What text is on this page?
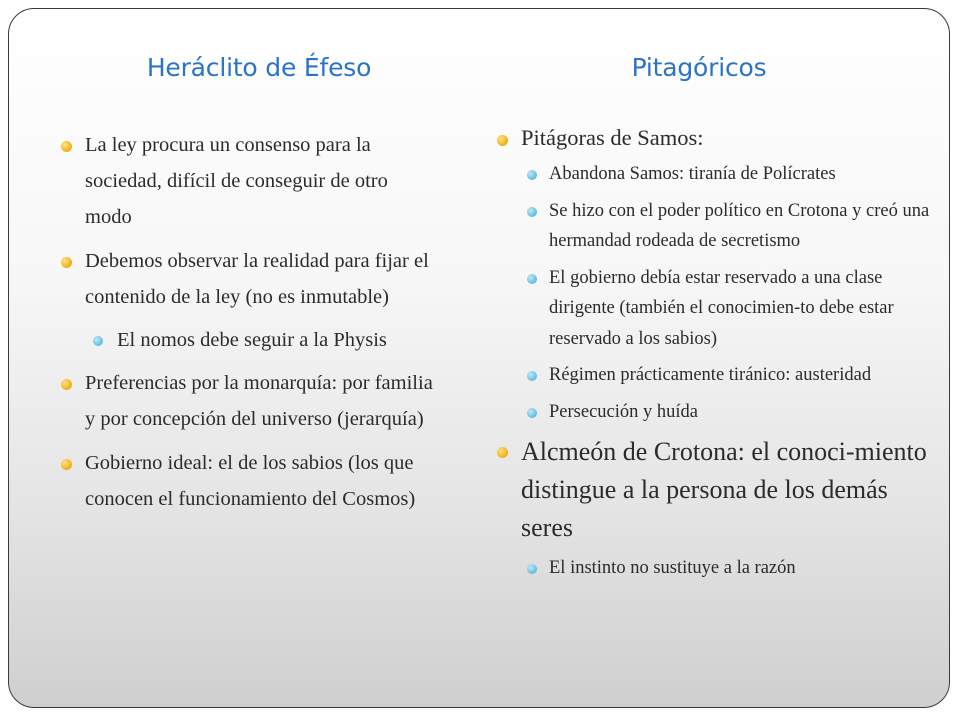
Heráclito de Éfeso	Pitagóricos
La ley procura un consenso para la sociedad, difícil de conseguir de otro modo
Debemos observar la realidad para fijar el contenido de la ley (no es inmutable)
El nomos debe seguir a la Physis
Preferencias por la monarquía: por familia y por concepción del universo (jerarquía)
Gobierno ideal: el de los sabios (los que conocen el funcionamiento del Cosmos)
Pitágoras de Samos:
Abandona Samos: tiranía de Polícrates
Se hizo con el poder político en Crotona y creó una hermandad rodeada de secretismo
El gobierno debía estar reservado a una clase dirigente (también el conocimien-to debe estar reservado a los sabios)
Régimen prácticamente tiránico: austeridad
Persecución y huída
Alcmeón de Crotona: el conoci-miento distingue a la persona de los demás seres
El instinto no sustituye a la razón
